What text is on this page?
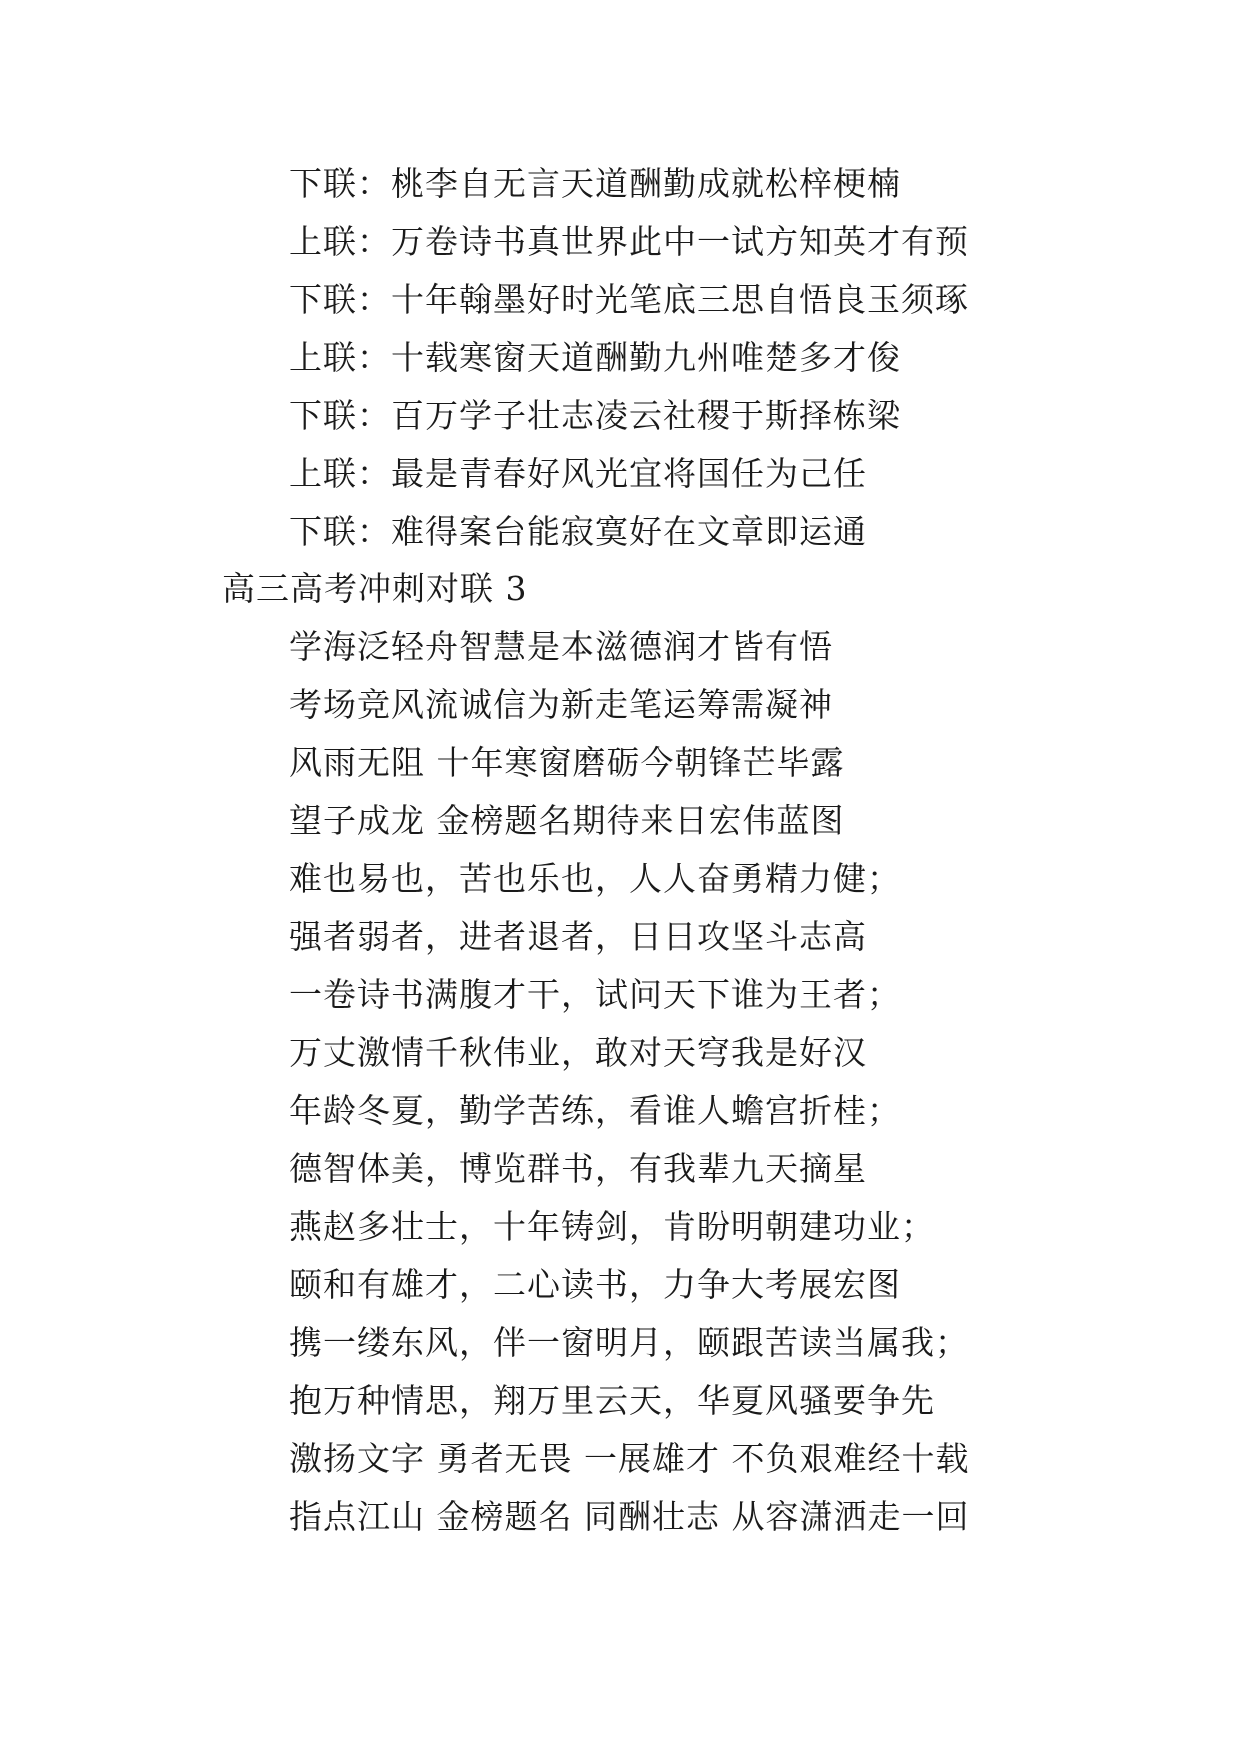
下联：桃李自无言天道酬勤成就松梓梗楠
上联：万卷诗书真世界此中一试方知英才有预
下联：十年翰墨好时光笔底三思自悟良玉须琢
上联：十载寒窗天道酬勤九州唯楚多才俊
下联：百万学子壮志凌云社稷于斯择栋梁
上联：最是青春好风光宜将国任为己任
下联：难得案台能寂寞好在文章即运通
高三高考冲刺对联 3
学海泛轻舟智慧是本滋德润才皆有悟
考场竞风流诚信为新走笔运筹需凝神
风雨无阻 十年寒窗磨砺今朝锋芒毕露
望子成龙 金榜题名期待来日宏伟蓝图
难也易也，苦也乐也，人人奋勇精力健；
强者弱者，进者退者，日日攻坚斗志高
一卷诗书满腹才干，试问天下谁为王者；
万丈激情千秋伟业，敢对天穹我是好汉
年龄冬夏，勤学苦练，看谁人蟾宫折桂；
德智体美，博览群书，有我辈九天摘星
燕赵多壮士，十年铸剑，肯盼明朝建功业；
颐和有雄才，二心读书，力争大考展宏图
携一缕东风，伴一窗明月，颐跟苦读当属我；
抱万种情思，翔万里云天，华夏风骚要争先
激扬文字 勇者无畏 一展雄才 不负艰难经十载
指点江山 金榜题名 同酬壮志 从容潇洒走一回
